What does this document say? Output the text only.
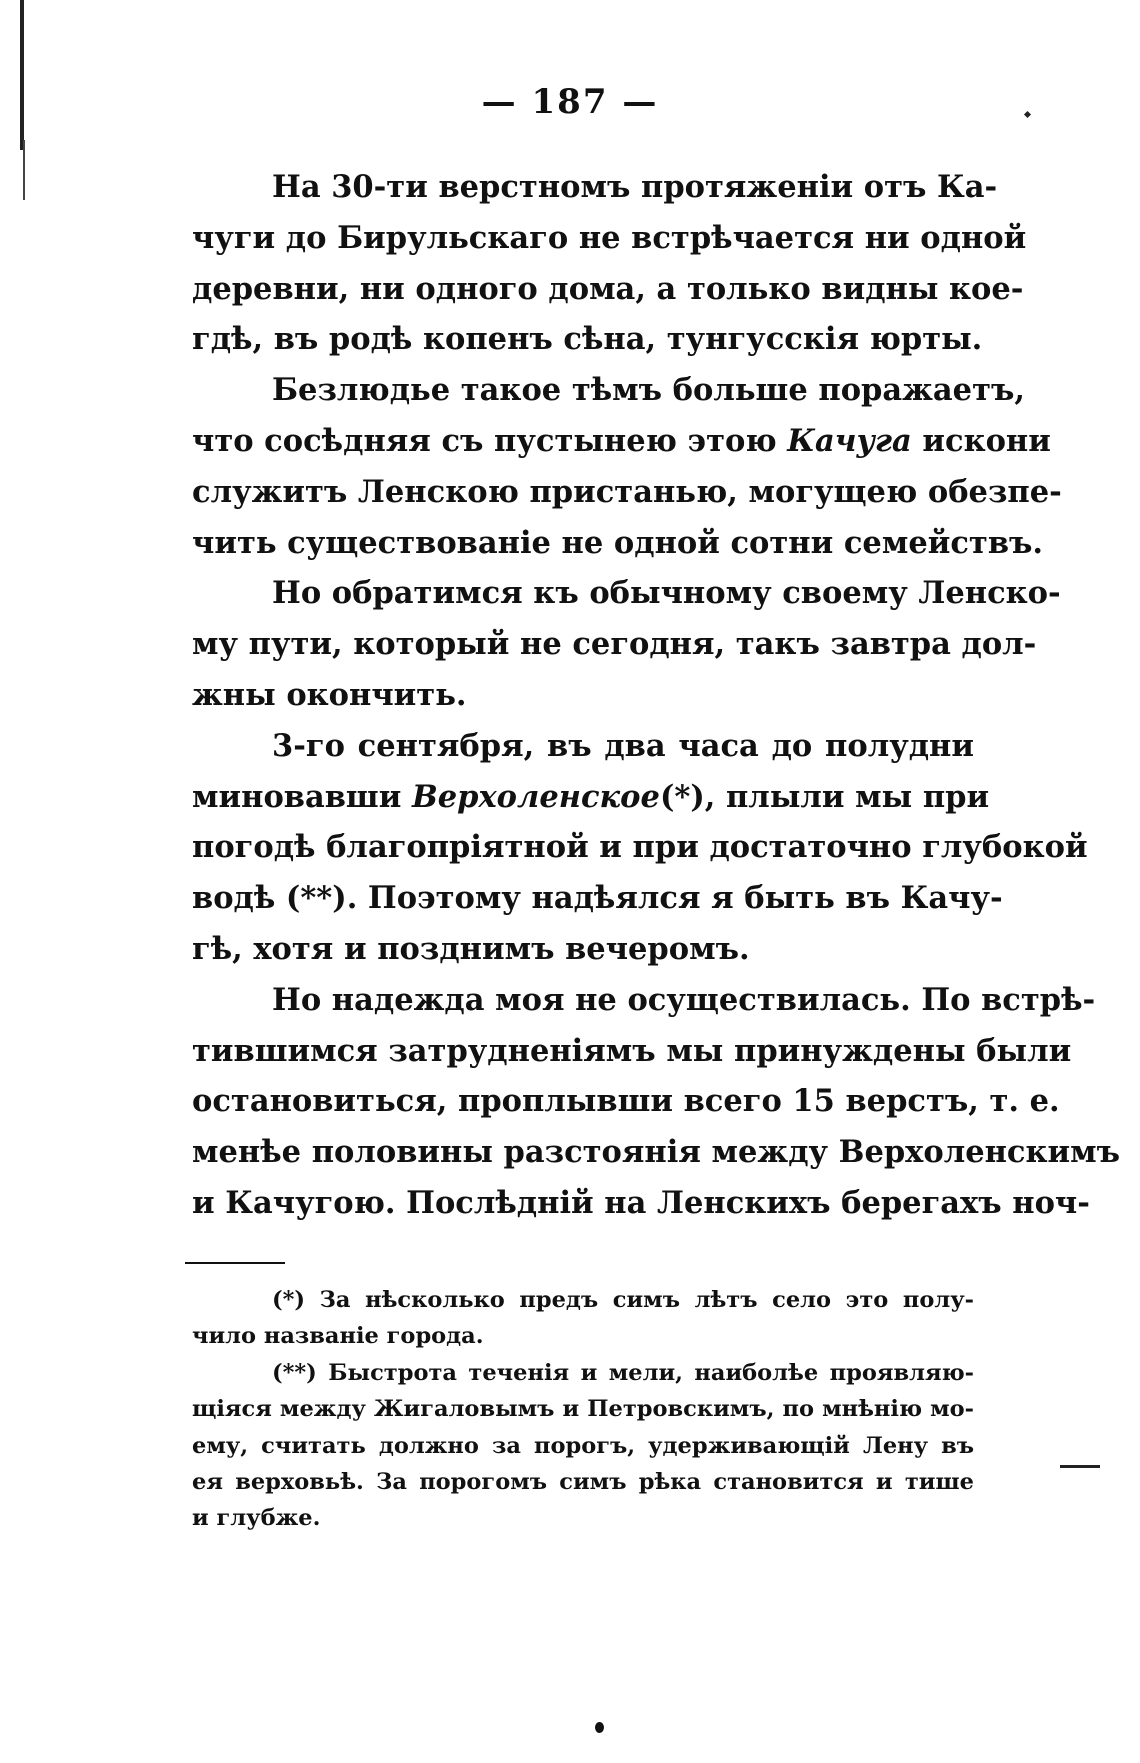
— 187 —
На 30-ти верстномъ протяженіи отъ Ка-
чуги до Бирульскаго не встрѣчается ни одной
деревни, ни одного дома, а только видны кое-
гдѣ, въ родѣ копенъ сѣна, тунгусскія юрты.
Безлюдье такое тѣмъ больше поражаетъ,
что сосѣдняя съ пустынею этою Качуга искони
служитъ Ленскою пристанью, могущею обезпе-
чить существованіе не одной сотни семействъ.
Но обратимся къ обычному своему Ленско-
му пути, который не сегодня, такъ завтра дол-
жны окончить.
3-го сентября, въ два часа до полудни
миновавши Верхоленское(*), плыли мы при
погодѣ благопріятной и при достаточно глубокой
водѣ (**). Поэтому надѣялся я быть въ Качу-
гѣ, хотя и позднимъ вечеромъ.
Но надежда моя не осуществилась. По встрѣ-
тившимся затрудненіямъ мы принуждены были
остановиться, проплывши всего 15 верстъ, т. е.
менѣе половины разстоянія между Верхоленскимъ
и Качугою. Послѣдній на Ленскихъ берегахъ ноч-
(*) За нѣсколько предъ симъ лѣтъ село это полу-
чило названіе города.
(**) Быстрота теченія и мели, наиболѣе проявляю-
щіяся между Жигаловымъ и Петровскимъ, по мнѣнію мо-
ему, считать должно за порогъ, удерживающій Лену въ
ея верховьѣ. За порогомъ симъ рѣка становится и тише
и глубже.
